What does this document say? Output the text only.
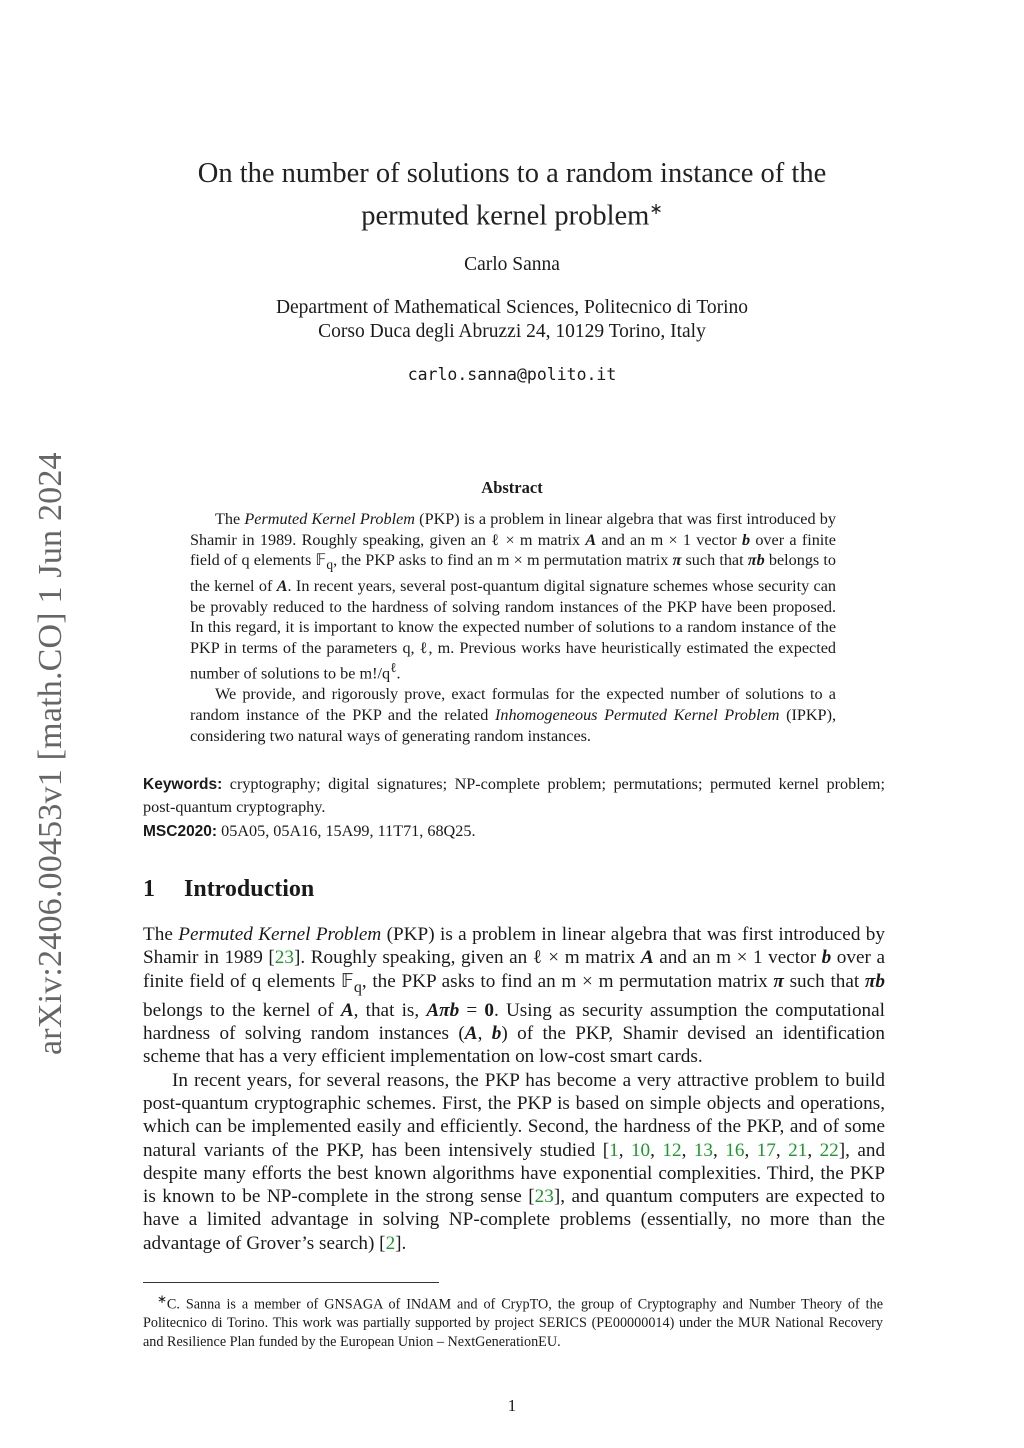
arXiv:2406.00453v1 [math.CO] 1 Jun 2024
On the number of solutions to a random instance of the
permuted kernel problem∗
Carlo Sanna
Department of Mathematical Sciences, Politecnico di Torino
Corso Duca degli Abruzzi 24, 10129 Torino, Italy
carlo.sanna@polito.it
Abstract

The Permuted Kernel Problem (PKP) is a problem in linear algebra that was first introduced by Shamir in 1989. Roughly speaking, given an ℓ × m matrix A and an m × 1 vector b over a finite field of q elements 𝔽$_q$, the PKP asks to find an m × m permutation matrix π such that πb belongs to the kernel of A. In recent years, several post-quantum digital signature schemes whose security can be provably reduced to the hardness of solving random instances of the PKP have been proposed. In this regard, it is important to know the expected number of solutions to a random instance of the PKP in terms of the parameters q, ℓ, m. Previous works have heuristically estimated the expected number of solutions to be $m!/q^\ell$.

We provide, and rigorously prove, exact formulas for the expected number of solutions to a random instance of the PKP and the related Inhomogeneous Permuted Kernel Problem (IPKP), considering two natural ways of generating random instances.

Keywords: cryptography; digital signatures; NP-complete problem; permutations; permuted kernel problem; post-quantum cryptography.
MSC2020: 05A05, 05A16, 15A99, 11T71, 68Q25.
1 Introduction

The Permuted Kernel Problem (PKP) is a problem in linear algebra that was first introduced by Shamir in 1989 [23]. Roughly speaking, given an ℓ × m matrix A and an m × 1 vector b over a finite field of q elements 𝔽$_q$, the PKP asks to find an m × m permutation matrix π such that πb belongs to the kernel of A, that is, Aπb = 0. Using as security assumption the computational hardness of solving random instances (A, b) of the PKP, Shamir devised an identification scheme that has a very efficient implementation on low-cost smart cards.

In recent years, for several reasons, the PKP has become a very attractive problem to build post-quantum cryptographic schemes. First, the PKP is based on simple objects and operations, which can be implemented easily and efficiently. Second, the hardness of the PKP, and of some natural variants of the PKP, has been intensively studied [1, 10, 12, 13, 16, 17, 21, 22], and despite many efforts the best known algorithms have exponential complexities. Third, the PKP is known to be NP-complete in the strong sense [23], and quantum computers are expected to have a limited advantage in solving NP-complete problems (essentially, no more than the advantage of Grover’s search) [2].

∗C. Sanna is a member of GNSAGA of INdAM and of CrypTO, the group of Cryptography and Number Theory of the Politecnico di Torino. This work was partially supported by project SERICS (PE00000014) under the MUR National Recovery and Resilience Plan funded by the European Union – NextGenerationEU.

1
